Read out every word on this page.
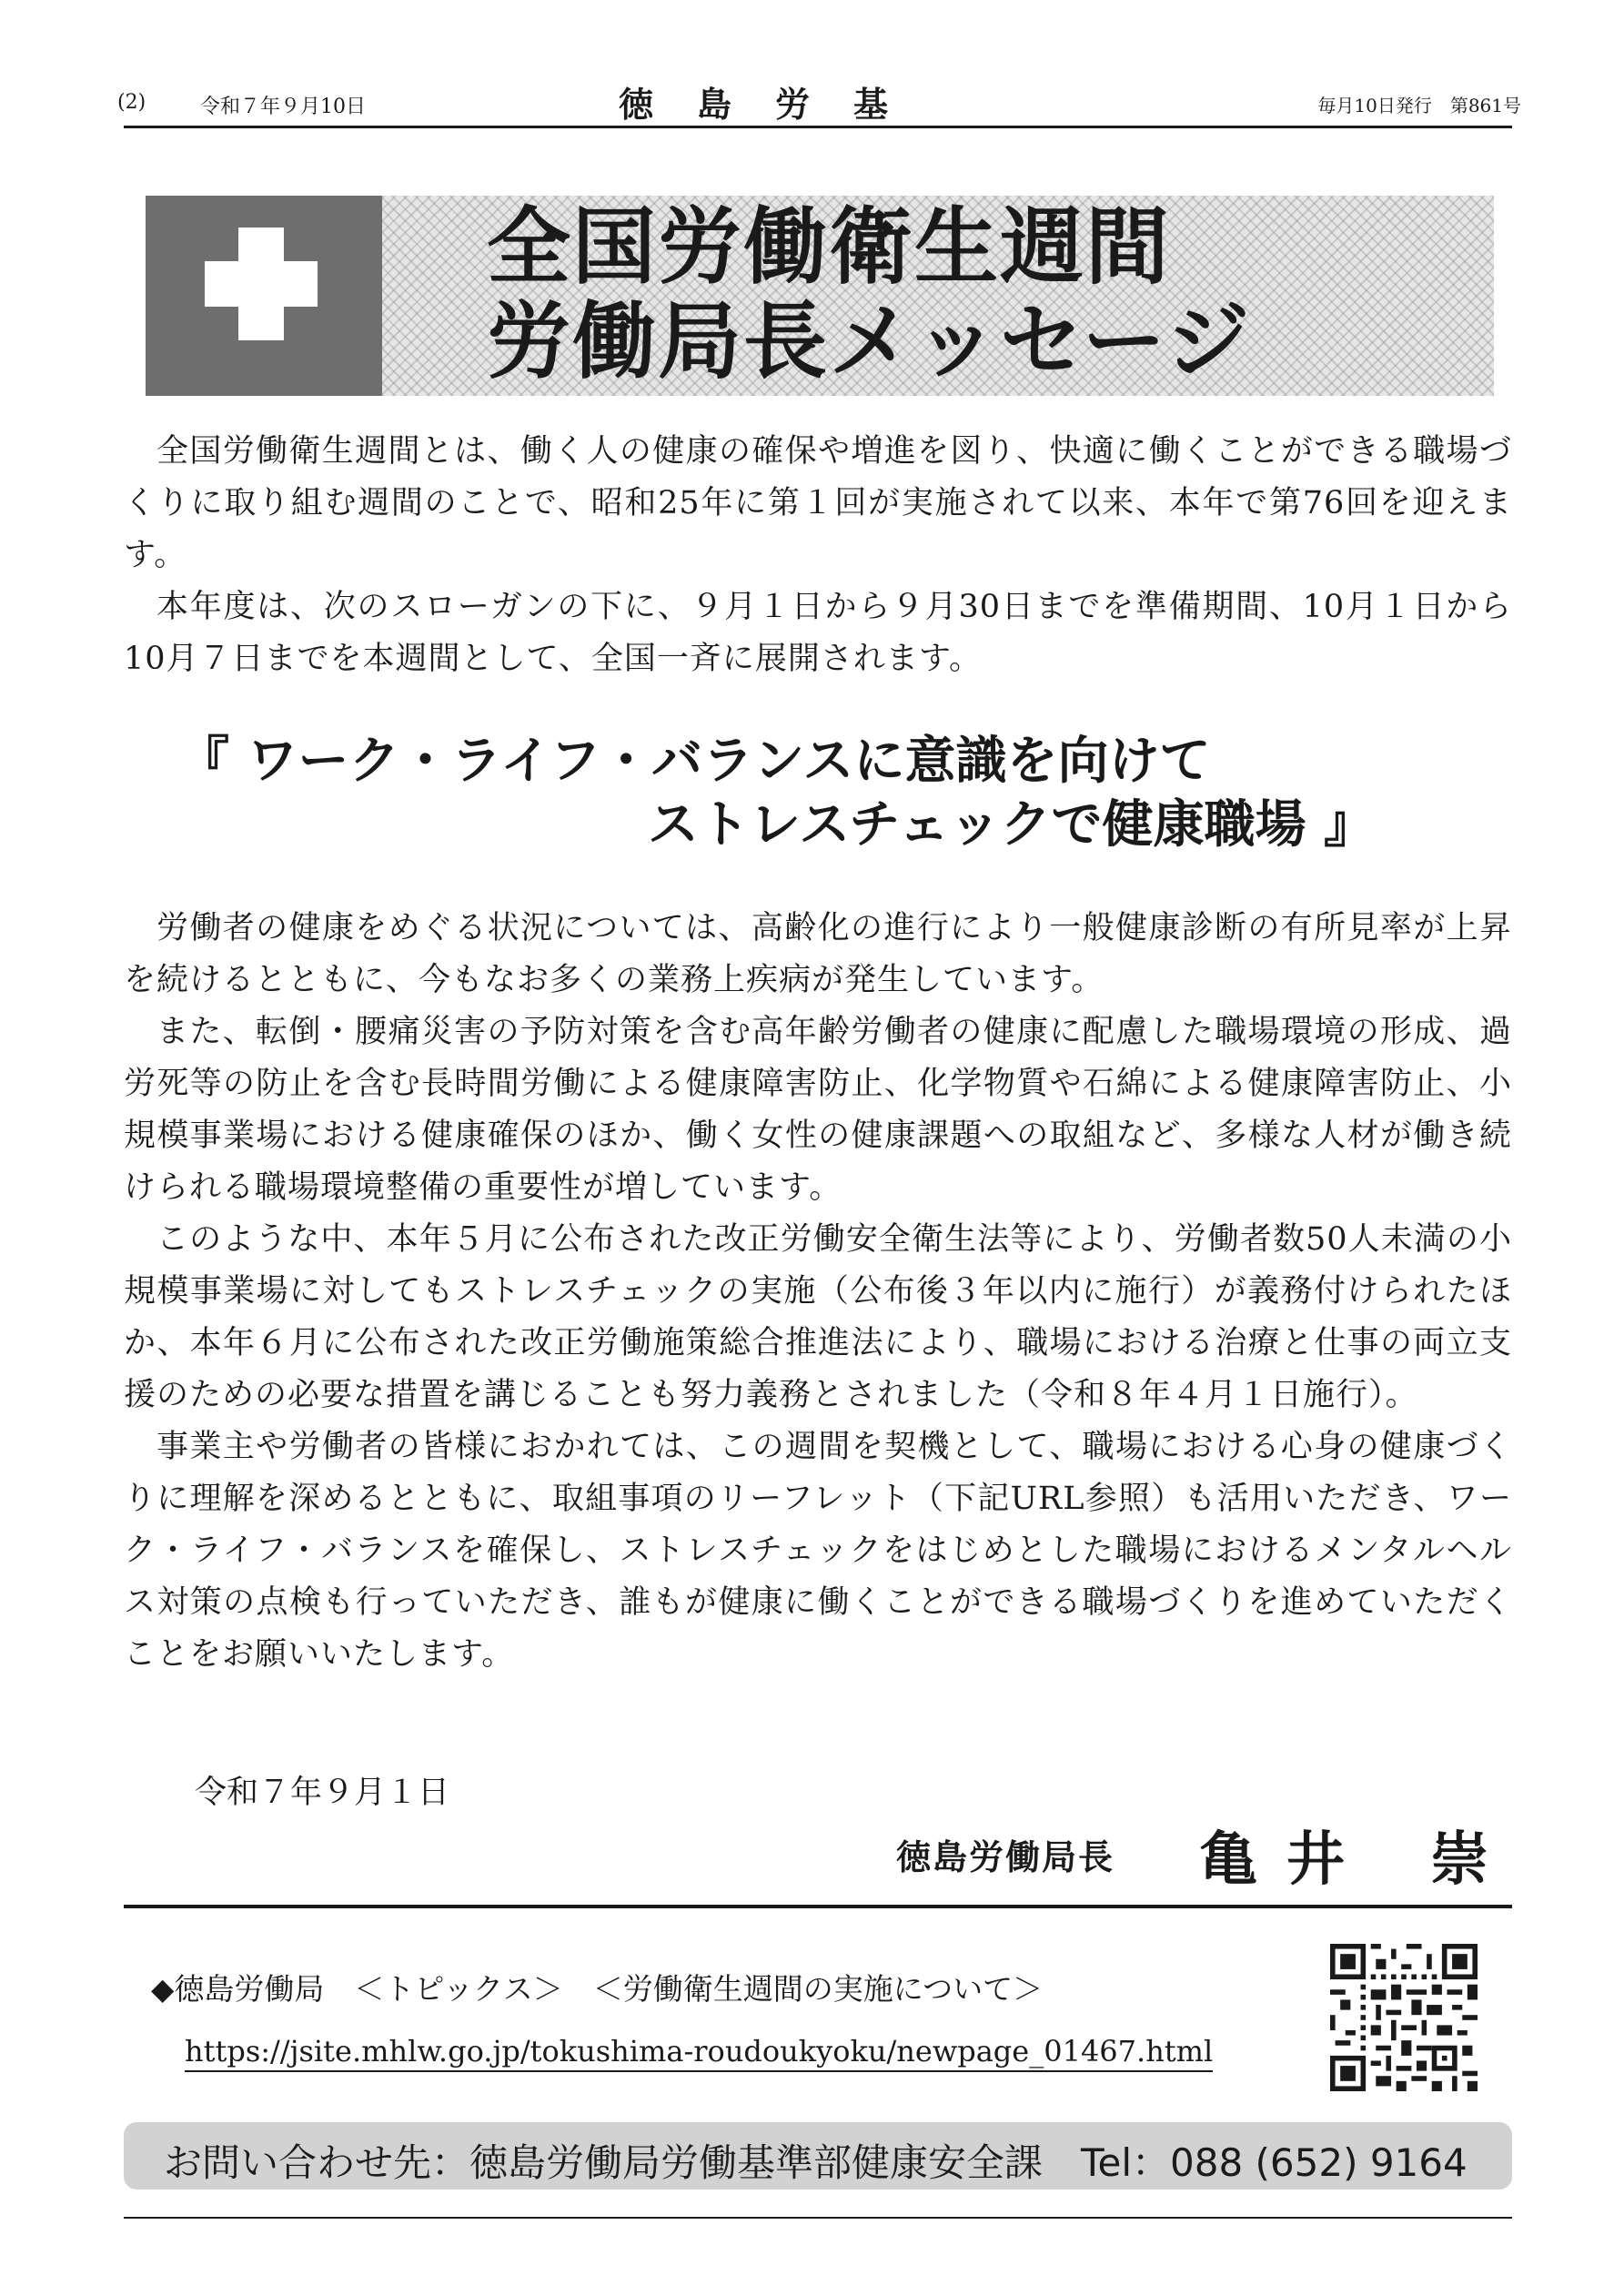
(2)	令和７年９月10日	徳島労基	毎月10日発行　第861号
全国労働衛生週間
労働局長メッセージ

全国労働衛生週間とは、働く人の健康の確保や増進を図り、快適に働くことができる職場づくりに取り組む週間のことで、昭和25年に第１回が実施されて以来、本年で第76回を迎えます。

本年度は、次のスローガンの下に、９月１日から９月30日までを準備期間、10月１日から10月７日までを本週間として、全国一斉に展開されます。

『 ワーク・ライフ・バランスに意識を向けて
ストレスチェックで健康職場 』

労働者の健康をめぐる状況については、高齢化の進行により一般健康診断の有所見率が上昇を続けるとともに、今もなお多くの業務上疾病が発生しています。

また、転倒・腰痛災害の予防対策を含む高年齢労働者の健康に配慮した職場環境の形成、過労死等の防止を含む長時間労働による健康障害防止、化学物質や石綿による健康障害防止、小規模事業場における健康確保のほか、働く女性の健康課題への取組など、多様な人材が働き続けられる職場環境整備の重要性が増しています。

このような中、本年５月に公布された改正労働安全衛生法等により、労働者数50人未満の小規模事業場に対してもストレスチェックの実施（公布後３年以内に施行）が義務付けられたほか、本年６月に公布された改正労働施策総合推進法により、職場における治療と仕事の両立支援のための必要な措置を講じることも努力義務とされました（令和８年４月１日施行）。

事業主や労働者の皆様におかれては、この週間を契機として、職場における心身の健康づくりに理解を深めるとともに、取組事項のリーフレット（下記URL参照）も活用いただき、ワーク・ライフ・バランスを確保し、ストレスチェックをはじめとした職場におけるメンタルヘルス対策の点検も行っていただき、誰もが健康に働くことができる職場づくりを進めていただくことをお願いいたします。

令和７年９月１日
徳島労働局長 亀井 崇
◆徳島労働局　＜トピックス＞　＜労働衛生週間の実施について＞
https://jsite.mhlw.go.jp/tokushima-roudoukyoku/newpage_01467.html
お問い合わせ先：徳島労働局労働基準部健康安全課　Tel：088 (652) 9164
